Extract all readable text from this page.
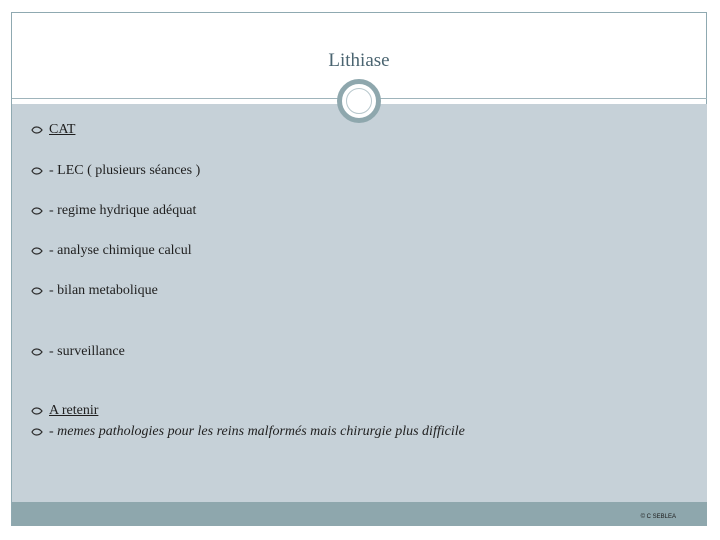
Lithiase
CAT
- LEC ( plusieurs séances )
- regime hydrique adéquat
- analyse chimique calcul
- bilan metabolique
- surveillance
A retenir
- memes pathologies pour les reins malformés mais chirurgie plus difficile
© C SEBLEA
